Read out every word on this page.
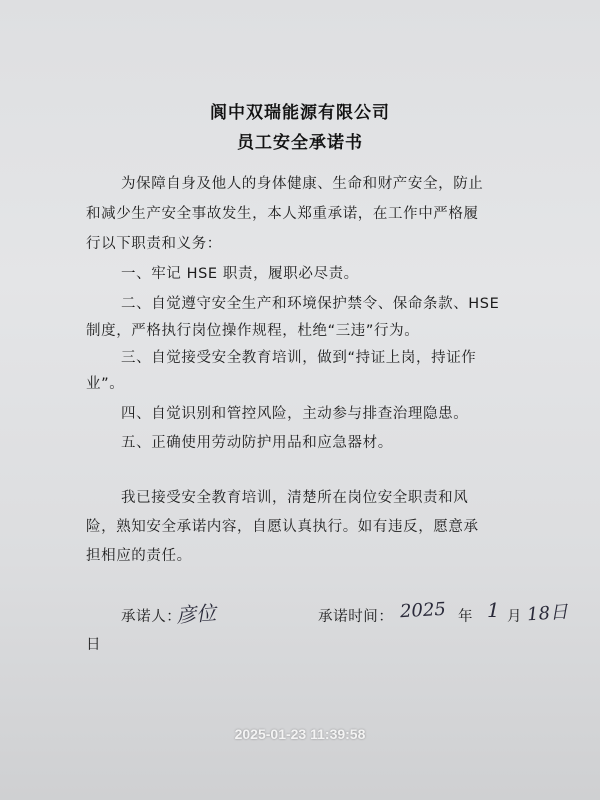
阆中双瑞能源有限公司
员工安全承诺书
为保障自身及他人的身体健康、生命和财产安全，防止
和减少生产安全事故发生，本人郑重承诺，在工作中严格履
行以下职责和义务：
一、牢记 HSE 职责，履职必尽责。
二、自觉遵守安全生产和环境保护禁令、保命条款、HSE
制度，严格执行岗位操作规程，杜绝“三违”行为。
三、自觉接受安全教育培训，做到“持证上岗，持证作
业”。
四、自觉识别和管控风险，主动参与排查治理隐患。
五、正确使用劳动防护用品和应急器材。
我已接受安全教育培训，清楚所在岗位安全职责和风
险，熟知安全承诺内容，自愿认真执行。如有违反，愿意承
担相应的责任。
承诺人：
彦位	承诺时间： 2025 年 1 月 18日
日
2025-01-23 11:39:58
